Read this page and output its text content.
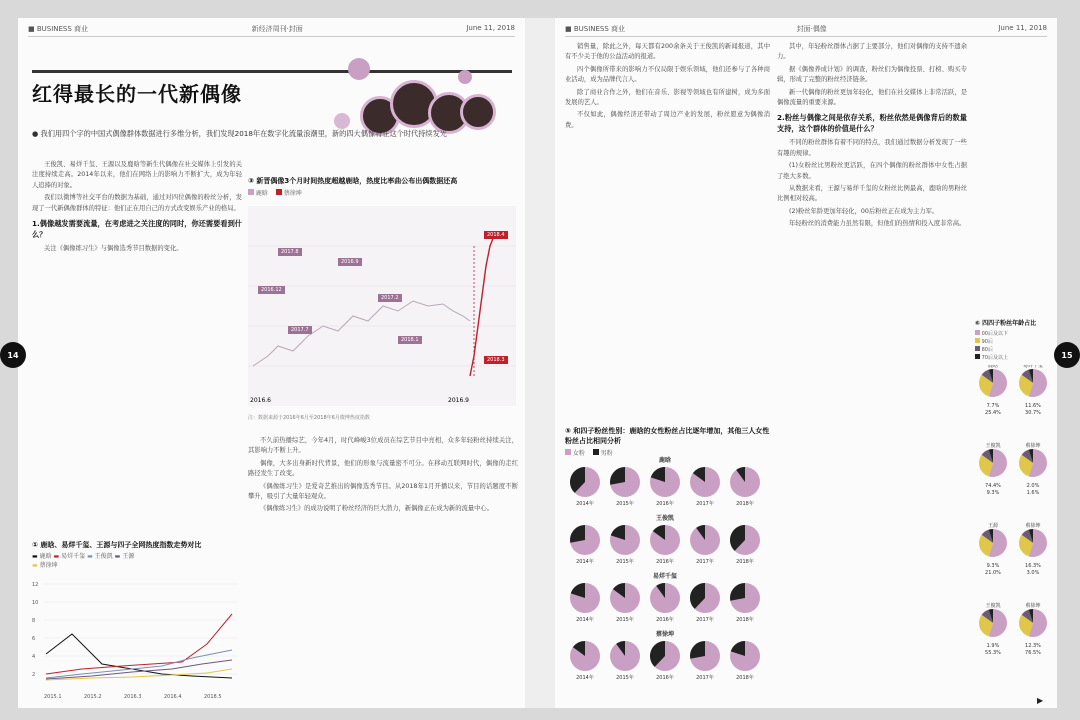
■ BUSINESS 商业	新经济周刊·封面	June 11, 2018
红得最长的一代新偶像
● 我们用四个字的中国式偶像群体数据进行多维分析，我们发现2018年在数字化流量浪潮里，新的四大偶像将在这个时代持续发光

王俊凯、易烊千玺、王源以及鹿晗等新生代偶像在社交媒体上引发的关注度持续走高。2014年以来，他们在网络上的影响力不断扩大，成为年轻人追捧的对象。

我们以微博等社交平台的数据为基础，通过对四位偶像的粉丝分析，发现了一代新偶像群体的特征：他们正在用自己的方式改变娱乐产业的格局。

1.偶像越发需要流量，在考虑进之关注度的同时，你还需要看到什么？

关注《偶像练习生》与偶像选秀节目数据的变化。

③ 新晋偶像3个月时间热度超越鹿晗，热度比率曲公布出偶数据还高
鹿晗	蔡徐坤
2016.6	2016.9
2017.8
2016.9
2016.12
2017.2
2017.7
2018.1
2018.4
2018.3
注：数据来源于2016年6月至2018年6月微博热度指数

不久前热播综艺，今年4月，时代峰峻3位成员在综艺节目中亮相，众多年轻粉丝持续关注，其影响力不断上升。

偶像，大多出身新时代背景，他们的形象与流量密不可分。在移动互联网时代，偶像的走红路径发生了改变。

《偶像练习生》是爱奇艺推出的偶像选秀节目。从2018年1月开播以来，节目的话题度不断攀升，吸引了大量年轻观众。

《偶像练习生》的成功说明了粉丝经济的巨大潜力，新偶像正在成为新的流量中心。

① 鹿晗、易烊千玺、王源与四子全网热度指数走势对比
▬ 鹿晗 ▬ 易烊千玺 ▬ 王俊凯 ▬ 王源
▬ 蔡徐坤
12
10
8
6
4
2
2015.1	2015.2	2016.3	2016.4	2018.5
■ BUSINESS 商业	封面·偶像	June 11, 2018

销售量，除此之外，每天都有200余条关于王俊凯的新闻报道，其中有不少关于他的公益活动的报道。

四个偶像所带来的影响力不仅局限于娱乐领域，他们还参与了各种商业活动，成为品牌代言人。

除了商业合作之外，他们在音乐、影视等领域也有所建树，成为多面发展的艺人。

不仅如此，偶像经济还带动了周边产业的发展，粉丝愿意为偶像消费。

其中，年轻粉丝群体占据了主要部分，他们对偶像的支持不遗余力。

据《偶像养成计划》的调查，粉丝们为偶像投票、打榜、购买专辑，形成了完整的粉丝经济链条。

新一代偶像的粉丝更加年轻化，他们在社交媒体上非常活跃，是偶像流量的重要来源。

2.粉丝与偶像之间是依存关系，粉丝依然是偶像背后的数量支持，这个群体的价值是什么？

不同的粉丝群体有着不同的特点，我们通过数据分析发现了一些有趣的规律。

(1)女粉丝比男粉丝更活跃，在四个偶像的粉丝群体中女性占据了绝大多数。

从数据来看，王源与易烊千玺的女粉丝比例最高，鹿晗的男粉丝比例相对较高。

(2)粉丝年龄更加年轻化，00后粉丝正在成为主力军。

年轻粉丝的消费能力虽然有限，但他们的热情和投入度非常高。

⑤ 和四子粉丝性别：鹿晗的女性粉丝占比逐年增加，其他三人女性粉丝占比相同分析
女粉	男粉
鹿晗
2014年	2015年	2016年	2017年	2018年
王俊凯
2014年	2015年	2016年	2017年	2018年
易烊千玺
2014年	2015年	2016年	2017年	2018年
蔡徐坤
2014年	2015年	2016年	2017年	2018年
⑥ 四四子粉丝年龄占比
00后及以下
90后
80后
70后及以上
鹿晗
7.7%
25.4%
易烊千玺
11.6%
30.7%
王俊凯
74.4%
9.3%
蔡徐坤
2.0%
1.6%
王源
9.3%
21.0%
蔡徐坤
16.3%
3.0%
王俊凯
1.9%
55.3%
蔡徐坤
12.3%
76.5%
▶
14	15
